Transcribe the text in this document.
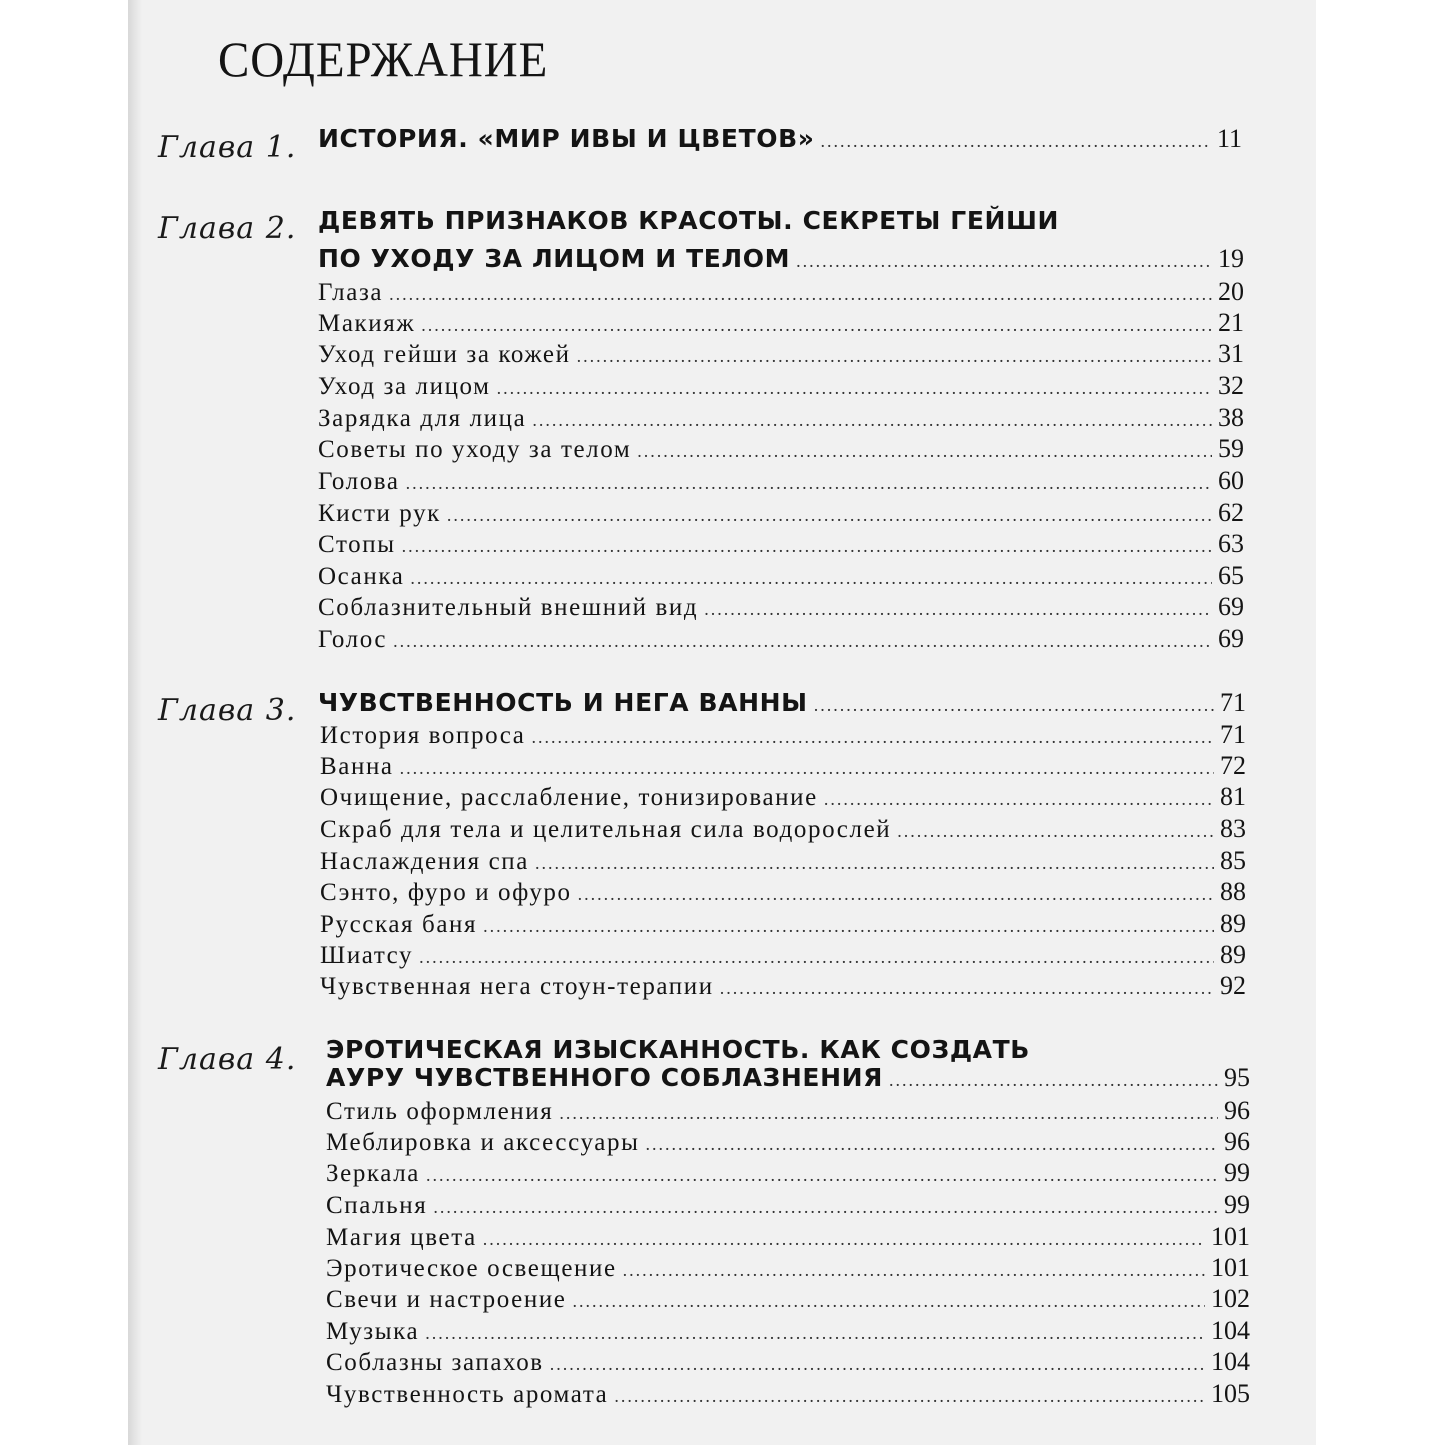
СОДЕРЖАНИЕ
Глава 1. ИСТОРИЯ. «МИР ИВЫ И ЦВЕТОВ» .....	11
Глава 2. ДЕВЯТЬ ПРИЗНАКОВ КРАСОТЫ. СЕКРЕТЫ ГЕЙШИ
ПО УХОДУ ЗА ЛИЦОМ И ТЕЛОМ .....	19
Глаза .....	20
Макияж .....	21
Уход гейши за кожей .....	31
Уход за лицом .....	32
Зарядка для лица .....	38
Советы по уходу за телом .....	59
Голова .....	60
Кисти рук .....	62
Стопы .....	63
Осанка .....	65
Соблазнительный внешний вид .....	69
Голос .....	69
Глава 3. ЧУВСТВЕННОСТЬ И НЕГА ВАННЫ .....	71
История вопроса .....	71
Ванна .....	72
Очищение, расслабление, тонизирование .....	81
Скраб для тела и целительная сила водорослей .....	83
Наслаждения спа .....	85
Сэнто, фуро и офуро .....	88
Русская баня .....	89
Шиатсу .....	89
Чувственная нега стоун-терапии .....	92
Глава 4. ЭРОТИЧЕСКАЯ ИЗЫСКАННОСТЬ. КАК СОЗДАТЬ
АУРУ ЧУВСТВЕННОГО СОБЛАЗНЕНИЯ .....	95
Стиль оформления .....	96
Меблировка и аксессуары .....	96
Зеркала .....	99
Спальня .....	99
Магия цвета .....	101
Эротическое освещение .....	101
Свечи и настроение .....	102
Музыка .....	104
Соблазны запахов .....	104
Чувственность аромата .....	105
